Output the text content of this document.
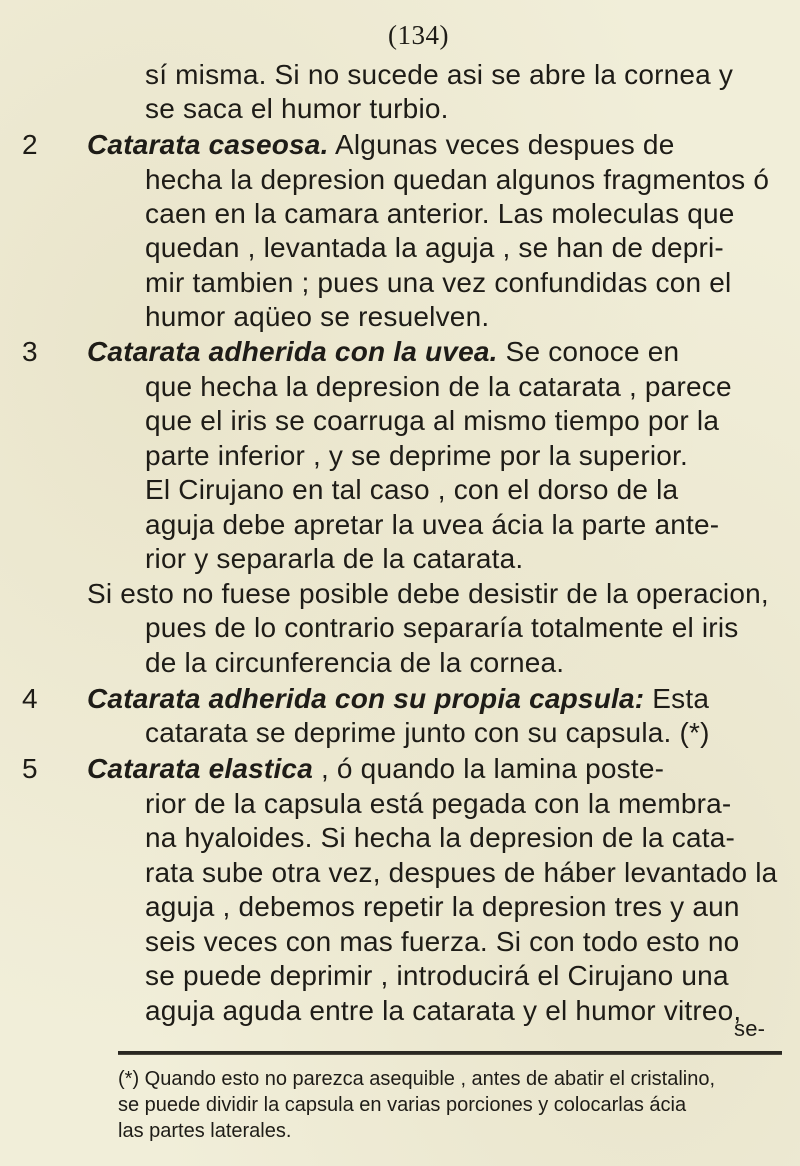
(134)
sí misma. Si no sucede asi se abre la cornea y
se saca el humor turbio.
2 Catarata caseosa. Algunas veces despues de
hecha la depresion quedan algunos fragmentos ó
caen en la camara anterior. Las moleculas que
quedan , levantada la aguja , se han de depri-
mir tambien ; pues una vez confundidas con el
humor aqüeo se resuelven.
3 Catarata adherida con la uvea. Se conoce en
que hecha la depresion de la catarata , parece
que el iris se coarruga al mismo tiempo por la
parte inferior , y se deprime por la superior.
El Cirujano en tal caso , con el dorso de la
aguja debe apretar la uvea ácia la parte ante-
rior y separarla de la catarata.
Si esto no fuese posible debe desistir de la operacion,
pues de lo contrario separaría totalmente el iris
de la circunferencia de la cornea.
4 Catarata adherida con su propia capsula: Esta
catarata se deprime junto con su capsula. (*)
5 Catarata elastica , ó quando la lamina poste-
rior de la capsula está pegada con la membra-
na hyaloides. Si hecha la depresion de la cata-
rata sube otra vez, despues de háber levantado la
aguja , debemos repetir la depresion tres y aun
seis veces con mas fuerza. Si con todo esto no
se puede deprimir , introducirá el Cirujano una
aguja aguda entre la catarata y el humor vitreo,
se-
(*) Quando esto no parezca asequible , antes de abatir el cristalino,
se puede dividir la capsula en varias porciones y colocarlas ácia
las partes laterales.
